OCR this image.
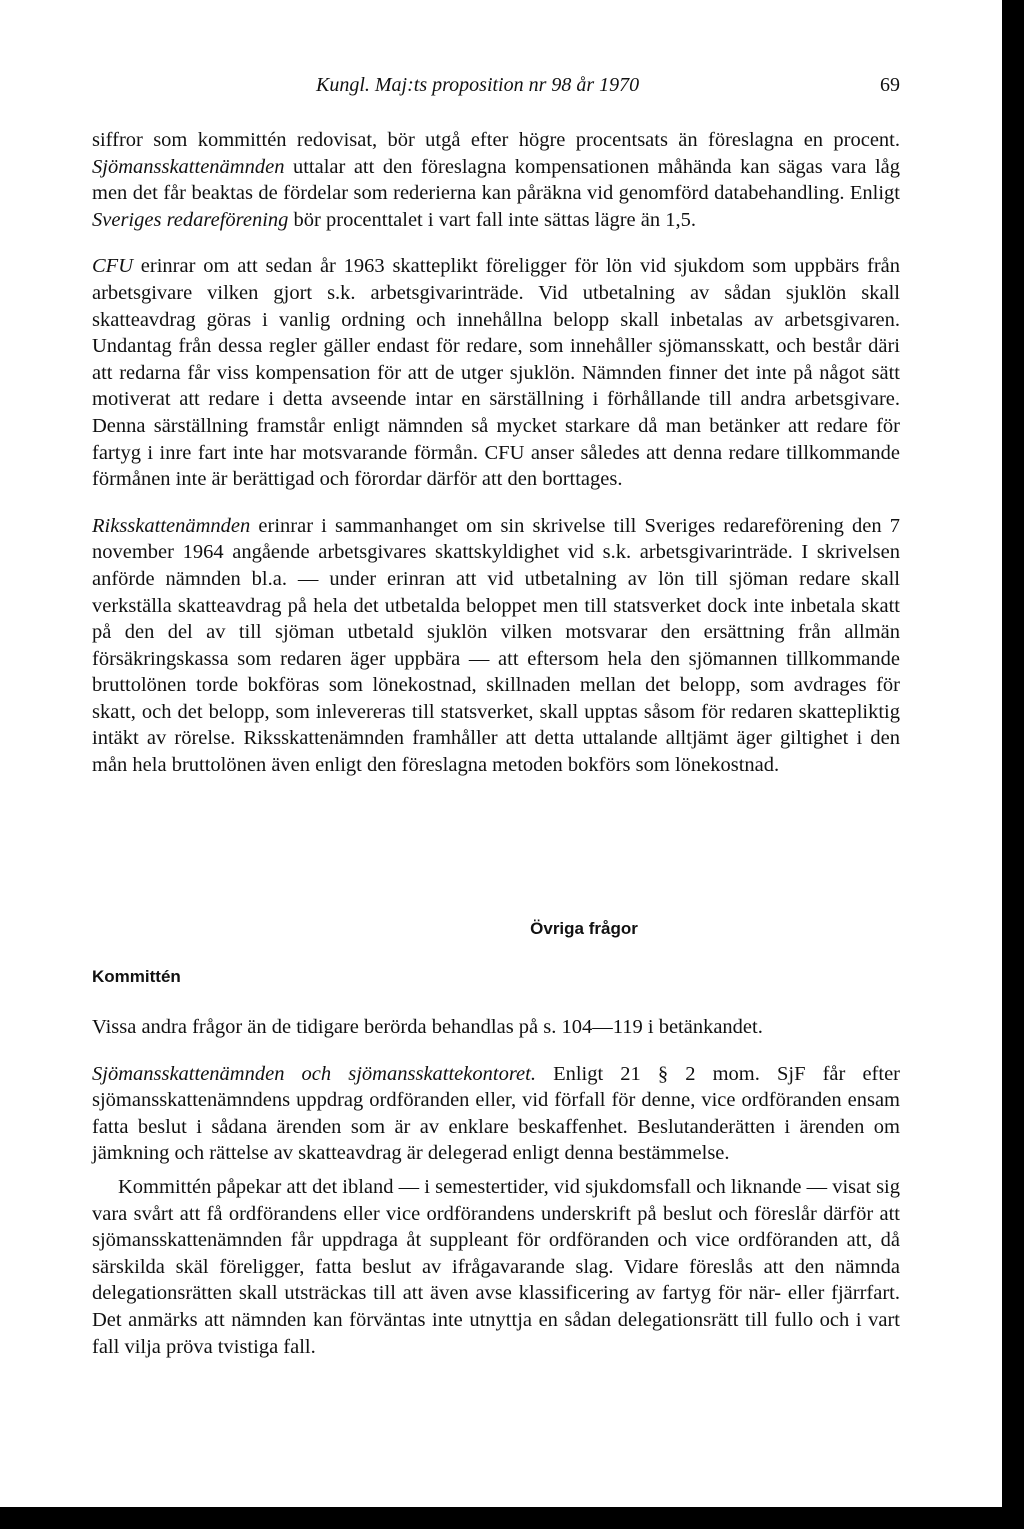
Kungl. Maj:ts proposition nr 98 år 1970	69

siffror som kommittén redovisat, bör utgå efter högre procentsats än föreslagna en procent. Sjömansskattenämnden uttalar att den föreslagna kompensationen måhända kan sägas vara låg men det får beaktas de fördelar som rederierna kan påräkna vid genomförd databehandling. Enligt Sveriges redareförening bör procenttalet i vart fall inte sättas lägre än 1,5.

CFU erinrar om att sedan år 1963 skatteplikt föreligger för lön vid sjukdom som uppbärs från arbetsgivare vilken gjort s.k. arbetsgivarinträde. Vid utbetalning av sådan sjuklön skall skatteavdrag göras i vanlig ordning och innehållna belopp skall inbetalas av arbetsgivaren. Undantag från dessa regler gäller endast för redare, som innehåller sjömansskatt, och består däri att redarna får viss kompensation för att de utger sjuklön. Nämnden finner det inte på något sätt motiverat att redare i detta avseende intar en särställning i förhållande till andra arbetsgivare. Denna särställning framstår enligt nämnden så mycket starkare då man betänker att redare för fartyg i inre fart inte har motsvarande förmån. CFU anser således att denna redare tillkommande förmånen inte är berättigad och förordar därför att den borttages.

Riksskattenämnden erinrar i sammanhanget om sin skrivelse till Sveriges redareförening den 7 november 1964 angående arbetsgivares skattskyldighet vid s.k. arbetsgivarinträde. I skrivelsen anförde nämnden bl.a. — under erinran att vid utbetalning av lön till sjöman redare skall verkställa skatteavdrag på hela det utbetalda beloppet men till statsverket dock inte inbetala skatt på den del av till sjöman utbetald sjuklön vilken motsvarar den ersättning från allmän försäkringskassa som redaren äger uppbära — att eftersom hela den sjömannen tillkommande bruttolönen torde bokföras som lönekostnad, skillnaden mellan det belopp, som avdrages för skatt, och det belopp, som inlevereras till statsverket, skall upptas såsom för redaren skattepliktig intäkt av rörelse. Riksskattenämnden framhåller att detta uttalande alltjämt äger giltighet i den mån hela bruttolönen även enligt den föreslagna metoden bokförs som lönekostnad.

Övriga frågor
Kommittén

Vissa andra frågor än de tidigare berörda behandlas på s. 104—119 i betänkandet.

Sjömansskattenämnden och sjömansskattekontoret. Enligt 21 § 2 mom. SjF får efter sjömansskattenämndens uppdrag ordföranden eller, vid förfall för denne, vice ordföranden ensam fatta beslut i sådana ärenden som är av enklare beskaffenhet. Beslutanderätten i ärenden om jämkning och rättelse av skatteavdrag är delegerad enligt denna bestämmelse.

Kommittén påpekar att det ibland — i semestertider, vid sjukdomsfall och liknande — visat sig vara svårt att få ordförandens eller vice ordförandens underskrift på beslut och föreslår därför att sjömansskattenämnden får uppdraga åt suppleant för ordföranden och vice ordföranden att, då särskilda skäl föreligger, fatta beslut av ifrågavarande slag. Vidare föreslås att den nämnda delegationsrätten skall utsträckas till att även avse klassificering av fartyg för när- eller fjärrfart. Det anmärks att nämnden kan förväntas inte utnyttja en sådan delegationsrätt till fullo och i vart fall vilja pröva tvistiga fall.
